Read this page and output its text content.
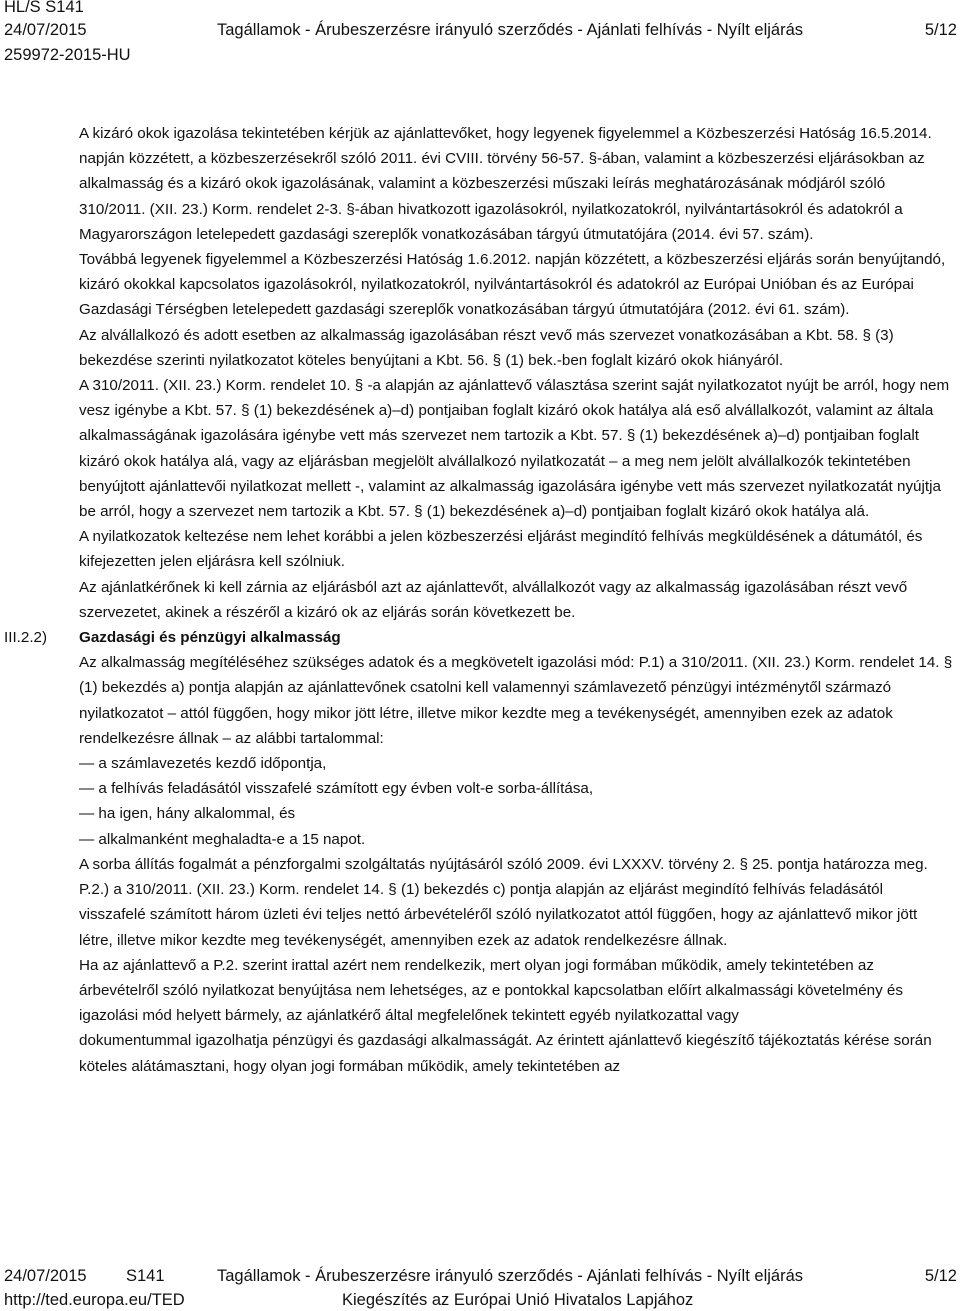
HL/S S141
24/07/2015	Tagállamok - Árubeszerzésre irányuló szerződés - Ajánlati felhívás - Nyílt eljárás	5/12
259972-2015-HU

A kizáró okok igazolása tekintetében kérjük az ajánlattevőket, hogy legyenek figyelemmel a Közbeszerzési Hatóság 16.5.2014. napján közzétett, a közbeszerzésekről szóló 2011. évi CVIII. törvény 56-57. §-ában, valamint a közbeszerzési eljárásokban az alkalmasság és a kizáró okok igazolásának, valamint a közbeszerzési műszaki leírás meghatározásának módjáról szóló 310/2011. (XII. 23.) Korm. rendelet 2-3. §-ában hivatkozott igazolásokról, nyilatkozatokról, nyilvántartásokról és adatokról a Magyarországon letelepedett gazdasági szereplők vonatkozásában tárgyú útmutatójára (2014. évi 57. szám).

Továbbá legyenek figyelemmel a Közbeszerzési Hatóság 1.6.2012. napján közzétett, a közbeszerzési eljárás során benyújtandó, kizáró okokkal kapcsolatos igazolásokról, nyilatkozatokról, nyilvántartásokról és adatokról az Európai Unióban és az Európai Gazdasági Térségben letelepedett gazdasági szereplők vonatkozásában tárgyú útmutatójára (2012. évi 61. szám).

Az alvállalkozó és adott esetben az alkalmasság igazolásában részt vevő más szervezet vonatkozásában a Kbt. 58. § (3) bekezdése szerinti nyilatkozatot köteles benyújtani a Kbt. 56. § (1) bek.-ben foglalt kizáró okok hiányáról.

A 310/2011. (XII. 23.) Korm. rendelet 10. § -a alapján az ajánlattevő választása szerint saját nyilatkozatot nyújt be arról, hogy nem vesz igénybe a Kbt. 57. § (1) bekezdésének a)–d) pontjaiban foglalt kizáró okok hatálya alá eső alvállalkozót, valamint az általa alkalmasságának igazolására igénybe vett más szervezet nem tartozik a Kbt. 57. § (1) bekezdésének a)–d) pontjaiban foglalt kizáró okok hatálya alá, vagy az eljárásban megjelölt alvállalkozó nyilatkozatát – a meg nem jelölt alvállalkozók tekintetében benyújtott ajánlattevői nyilatkozat mellett -, valamint az alkalmasság igazolására igénybe vett más szervezet nyilatkozatát nyújtja be arról, hogy a szervezet nem tartozik a Kbt. 57. § (1) bekezdésének a)–d) pontjaiban foglalt kizáró okok hatálya alá.

A nyilatkozatok keltezése nem lehet korábbi a jelen közbeszerzési eljárást megindító felhívás megküldésének a dátumától, és kifejezetten jelen eljárásra kell szólniuk.

Az ajánlatkérőnek ki kell zárnia az eljárásból azt az ajánlattevőt, alvállalkozót vagy az alkalmasság igazolásában részt vevő szervezetet, akinek a részéről a kizáró ok az eljárás során következett be.

III.2.2)	Gazdasági és pénzügyi alkalmasság

Az alkalmasság megítéléséhez szükséges adatok és a megkövetelt igazolási mód: P.1) a 310/2011. (XII. 23.) Korm. rendelet 14. § (1) bekezdés a) pontja alapján az ajánlattevőnek csatolni kell valamennyi számlavezető pénzügyi intézménytől származó nyilatkozatot – attól függően, hogy mikor jött létre, illetve mikor kezdte meg a tevékenységét, amennyiben ezek az adatok rendelkezésre állnak – az alábbi tartalommal:

— a számlavezetés kezdő időpontja,

— a felhívás feladásától visszafelé számított egy évben volt-e sorba-állítása,

— ha igen, hány alkalommal, és

— alkalmanként meghaladta-e a 15 napot.

A sorba állítás fogalmát a pénzforgalmi szolgáltatás nyújtásáról szóló 2009. évi LXXXV. törvény 2. § 25. pontja határozza meg.

P.2.) a 310/2011. (XII. 23.) Korm. rendelet 14. § (1) bekezdés c) pontja alapján az eljárást megindító felhívás feladásától visszafelé számított három üzleti évi teljes nettó árbevételéről szóló nyilatkozatot attól függően, hogy az ajánlattevő mikor jött létre, illetve mikor kezdte meg tevékenységét, amennyiben ezek az adatok rendelkezésre állnak.

Ha az ajánlattevő a P.2. szerint irattal azért nem rendelkezik, mert olyan jogi formában működik, amely tekintetében az árbevételről szóló nyilatkozat benyújtása nem lehetséges, az e pontokkal kapcsolatban előírt alkalmassági követelmény és igazolási mód helyett bármely, az ajánlatkérő által megfelelőnek tekintett egyéb nyilatkozattal vagy

dokumentummal igazolhatja pénzügyi és gazdasági alkalmasságát. Az érintett ajánlattevő kiegészítő tájékoztatás kérése során köteles alátámasztani, hogy olyan jogi formában működik, amely tekintetében az

24/07/2015 S141	Tagállamok - Árubeszerzésre irányuló szerződés - Ajánlati felhívás - Nyílt eljárás	5/12
http://ted.europa.eu/TED	Kiegészítés az Európai Unió Hivatalos Lapjához
